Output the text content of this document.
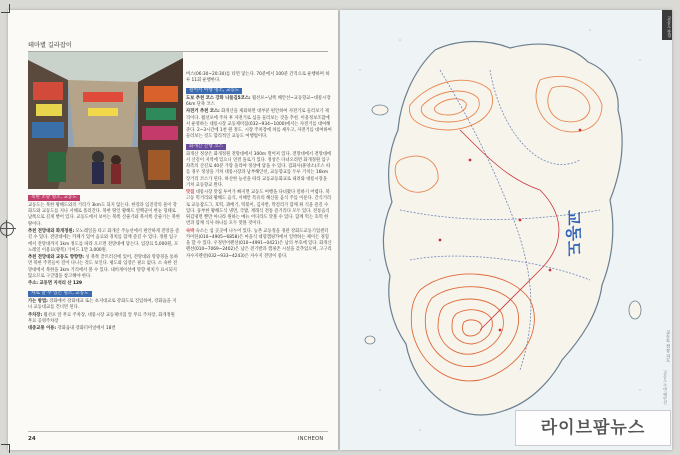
테마별 길라잡이
북한 조망 명소, 교동도

교동도는 북한 황해도와의 거리가 3km도 되지 않는다. 한강과 임진강의 물이 강화도와 교동도를 지나 서해로 흘러간다. 북한 땅인 황해도 연백군이 한눈 형태로 남쪽으로 길게 뻗어 있다. 교동도에서 보이는 북쪽 산줄기와 북서쪽 산줄기는 북한 땅이다.

추천 전망대와 화개정원: 모노레일을 타고 화개산 주능선에서 편안하게 전망을 즐길 수 있다. 전망대에는 카페가 있어 음료와 경치를 함께 즐길 수 있다. 정원 입구에서 전망대까지 1km 정도를 따라 오르면 전망대에 닿는다. 입장료 5,000원, 모노레일 이용료(왕복) 가이드 1만 3,000원.

추천 전망대와 교동도 향향향: 성 북쪽 끝트러진에 있어, 전망대와 망향경을 통하면 북한 주민들이 걸어 다니는 것도 보인다. 평도와 입장은 필요 없다. 소 속한 전망대에서 북한을 3km 거리에서 볼 수 있다. 내비게이션에 망향 위치가 표시되지 않으므로 구글맵을 참고해야 한다.

주소: 교동면 지석리 산 129

차로 갈 수 있는 명소, 교동도

가는 방법: 강화에서 강화대교 또는 초지대교로 강화도로 진입하여, 강화읍을 지나 교동대교를 건너면 된다.

주차장: 월선포 앞 무료 주차장, 대룡시장 교동제비집 앞 무료 주차장, 화개정원 무료 공영주차장

대중교통 이용: 강화읍내 강화터미널에서 18번

버스(06:30~20:30)를 타면 닿는다. 70분에서 100분 간격으로 운행하며 하루 11회 운행한다.

걸어서 여행 명소, 교동도

도보 추천 코스 강화 나들길5코스: 월선포~남쪽 해안선~교동향교~대룡시장 6km 단축 코스

자전거 추천 코스: 화개산을 제외하면 대부분 편안하여 자전거로 둘러보기 제격이다. 월선포에 주차 후 자전거로 섬을 둘러보는 것을 추천. 이용정보조합에서 운영하는 대룡시장 교동제비집(032~934~1000)에서는 자전거를 대여해 준다. 2~3시간에 1천 원 정도. 시장 주차장에 차를 세우고, 자전거를 대여하여 둘러보는 것도 합리적인 교동도 여행법이다.

화개산 산행 코스

화개산 정상은 화개정원 전망대에서 300m 떨어져 있다. 전망대에서 전망대에서 산길이 지역에 있으니 연결 돌로가 있다. 정상은 다녀오려면 화개정원 입구 좌측의 산길로 40분 가량 올라야 정상에 닿을 수 있다. 검화사(휴양소)조스 따를 경우 정상을 거쳐 대룡시장과 남부해안선, 교동향교를 두루 거치는 16km 장거리 코스가 된다. 하산한 능선을 따라 교동교동화교로 내려와 대룡시장을 거쳐 교동향교 완다.

맛집 대룡시장 맛집 투어가 빠지면 교동도 여행을 다녀왔다 말하기 어렵다. 북고동 먹거리와 황해도 음식, 서해안 특유의 해산물 음식 주를 이룬다. 간식거리로 교동찹도그, 호떡, 꽈배기, 떡볶이, 김자반, 막걸리가 함께 튀 식을 즐길 수 있다. 풍부한 황해도식 냉면, 국밥, 재래식 전통 즐거리다 모두 있다. 전통음식 튀김냉면 뿐만 아니라 원하는 메뉴 어디라도 맛볼 수 있다. 함께 먹는 호떡 한 번과 함께 식사 하나를 모두 맛볼 것이다.

숙박 숙소는 섬 곳곳에 나누어 있다. 농촌 교동정을 경관 강화도교동기업센터 카이틴(010~4905~6858)은 마을식 대형캠핑카에서 일박하는 체이든 경험을 할 수 있다. 우정빈이펜션(010~4991~0421)은 남의 부호에 있다. 화개산펜션(010~7069~2402)은 남은 전기발과 캠핑존 시설을 갖추었으며, 고구리자수지펜션(032~933~4243)은 자수지 전망이 좋다.

24	INCHEON
교동도
교동도 풍경
교동도 천장 지도
교동도 주변 해안선
라이브팜뉴스
